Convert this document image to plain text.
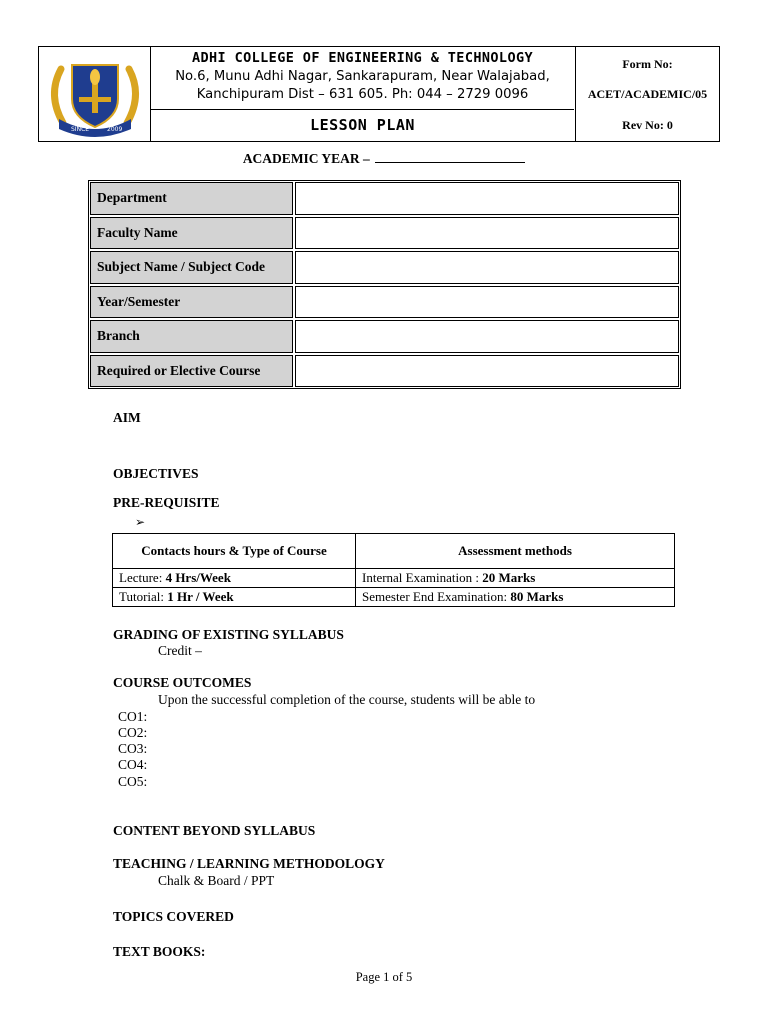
SINCE	2009
ADHI COLLEGE OF ENGINEERING & TECHNOLOGY
No.6, Munu Adhi Nagar, Sankarapuram, Near Walajabad,
Kanchipuram Dist – 631 605. Ph: 044 – 2729 0096
LESSON PLAN
Form No:
ACET/ACADEMIC/05
Rev No: 0
ACADEMIC YEAR –
Department
Faculty Name
Subject Name / Subject Code
Year/Semester
Branch
Required or Elective Course
AIM
OBJECTIVES
PRE-REQUISITE
➢
Contacts hours & Type of Course	Assessment methods
Lecture: 4 Hrs/Week	Internal Examination : 20 Marks
Tutorial: 1 Hr / Week	Semester End Examination: 80 Marks
GRADING OF EXISTING SYLLABUS
Credit –
COURSE OUTCOMES
Upon the successful completion of the course, students will be able to
CO1:
CO2:
CO3:
CO4:
CO5:
CONTENT BEYOND SYLLABUS
TEACHING / LEARNING METHODOLOGY
Chalk & Board / PPT
TOPICS COVERED
TEXT BOOKS:
Page 1 of 5
